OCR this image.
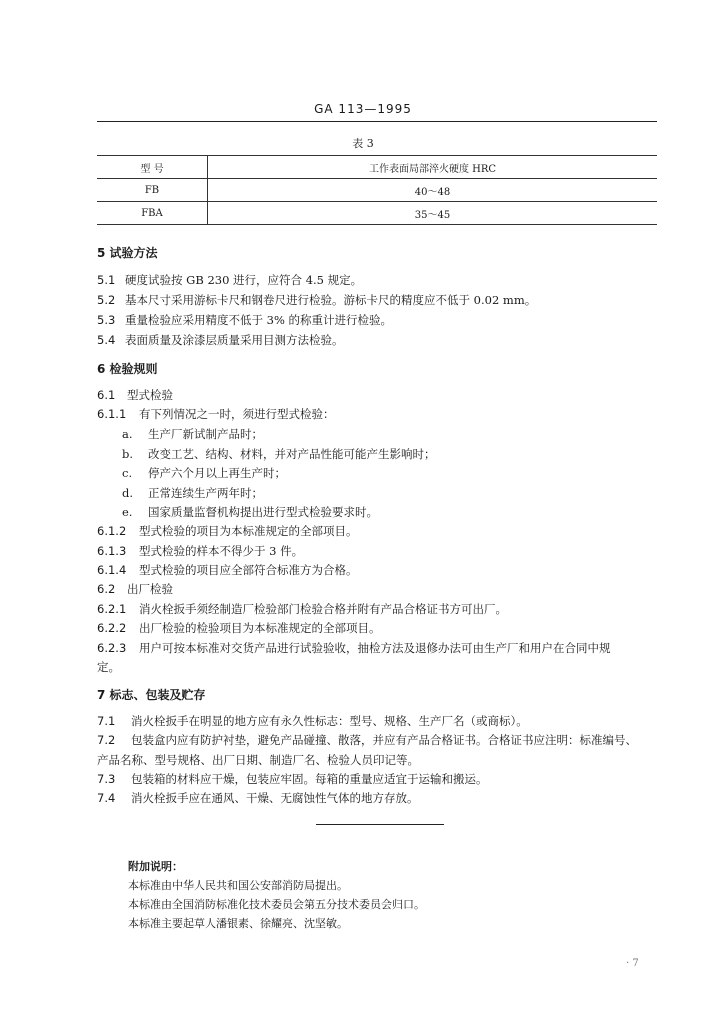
GA 113—1995
表 3
型 号	工作表面局部淬火硬度 HRC
FB	40～48
FBA	35～45
5 试验方法
5.1 硬度试验按 GB 230 进行，应符合 4.5 规定。
5.2 基本尺寸采用游标卡尺和钢卷尺进行检验。游标卡尺的精度应不低于 0.02 mm。
5.3 重量检验应采用精度不低于 3% 的称重计进行检验。
5.4 表面质量及涂漆层质量采用目测方法检验。
6 检验规则
6.1 型式检验
6.1.1 有下列情况之一时，须进行型式检验：
a. 生产厂新试制产品时；
b. 改变工艺、结构、材料，并对产品性能可能产生影响时；
c. 停产六个月以上再生产时；
d. 正常连续生产两年时；
e. 国家质量监督机构提出进行型式检验要求时。
6.1.2 型式检验的项目为本标准规定的全部项目。
6.1.3 型式检验的样本不得少于 3 件。
6.1.4 型式检验的项目应全部符合标准方为合格。
6.2 出厂检验
6.2.1 消火栓扳手须经制造厂检验部门检验合格并附有产品合格证书方可出厂。
6.2.2 出厂检验的检验项目为本标准规定的全部项目。
6.2.3 用户可按本标准对交货产品进行试验验收，抽检方法及退修办法可由生产厂和用户在合同中规
定。
7 标志、包装及贮存
7.1 消火栓扳手在明显的地方应有永久性标志：型号、规格、生产厂名（或商标）。
7.2 包装盒内应有防护衬垫，避免产品碰撞、散落，并应有产品合格证书。合格证书应注明：标准编号、
产品名称、型号规格、出厂日期、制造厂名、检验人员印记等。
7.3 包装箱的材料应干燥，包装应牢固。每箱的重量应适宜于运输和搬运。
7.4 消火栓扳手应在通风、干燥、无腐蚀性气体的地方存放。
附加说明：
本标准由中华人民共和国公安部消防局提出。
本标准由全国消防标准化技术委员会第五分技术委员会归口。
本标准主要起草人潘银素、徐耀亮、沈坚敏。
· 7
